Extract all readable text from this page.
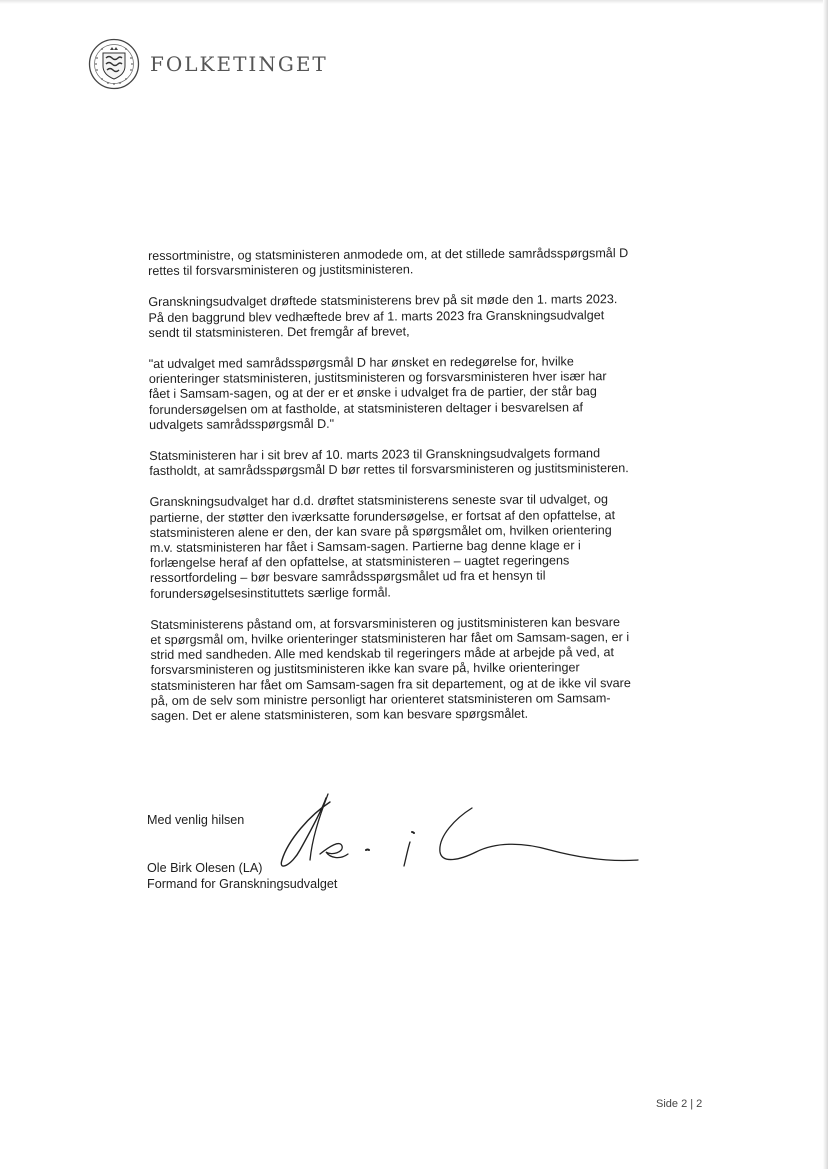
FOLKETINGET

ressortministre, og statsministeren anmodede om, at det stillede samrådsspørgsmål D rettes til forsvarsministeren og justitsministeren.

Granskningsudvalget drøftede statsministerens brev på sit møde den 1. marts 2023. På den baggrund blev vedhæftede brev af 1. marts 2023 fra Granskningsudvalget sendt til statsministeren. Det fremgår af brevet,

"at udvalget med samrådsspørgsmål D har ønsket en redegørelse for, hvilke orienteringer statsministeren, justitsministeren og forsvarsministeren hver især har fået i Samsam-sagen, og at der er et ønske i udvalget fra de partier, der står bag forundersøgelsen om at fastholde, at statsministeren deltager i besvarelsen af udvalgets samrådsspørgsmål D."

Statsministeren har i sit brev af 10. marts 2023 til Granskningsudvalgets formand fastholdt, at samrådsspørgsmål D bør rettes til forsvarsministeren og justitsministeren.

Granskningsudvalget har d.d. drøftet statsministerens seneste svar til udvalget, og partierne, der støtter den iværksatte forundersøgelse, er fortsat af den opfattelse, at statsministeren alene er den, der kan svare på spørgsmålet om, hvilken orientering m.v. statsministeren har fået i Samsam-sagen. Partierne bag denne klage er i forlængelse heraf af den opfattelse, at statsministeren – uagtet regeringens ressortfordeling – bør besvare samrådsspørgsmålet ud fra et hensyn til forundersøgelsesinstituttets særlige formål.

Statsministerens påstand om, at forsvarsministeren og justitsministeren kan besvare et spørgsmål om, hvilke orienteringer statsministeren har fået om Samsam-sagen, er i strid med sandheden. Alle med kendskab til regeringers måde at arbejde på ved, at forsvarsministeren og justitsministeren ikke kan svare på, hvilke orienteringer statsministeren har fået om Samsam-sagen fra sit departement, og at de ikke vil svare på, om de selv som ministre personligt har orienteret statsministeren om Samsam-sagen. Det er alene statsministeren, som kan besvare spørgsmålet.

Med venlig hilsen
Ole Birk Olesen (LA)
Formand for Granskningsudvalget
Side 2 | 2
